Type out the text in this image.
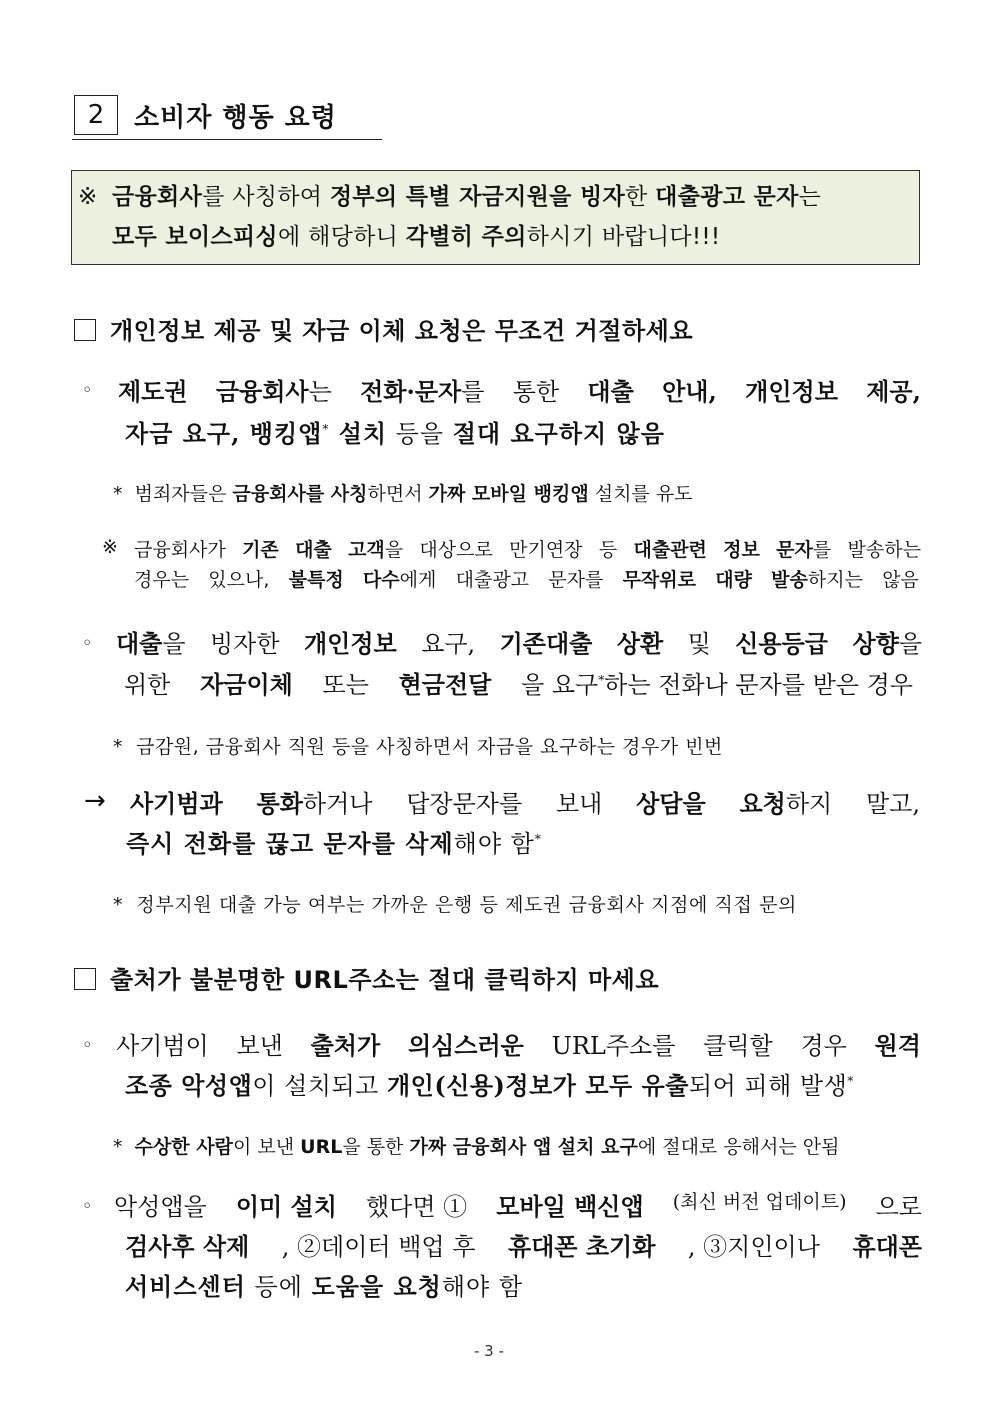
2	소비자 행동 요령
※ 금융회사를 사칭하여 정부의 특별 자금지원을 빙자한 대출광고 문자는
모두 보이스피싱에 해당하니 각별히 주의하시기 바랍니다!!!
개인정보 제공 및 자금 이체 요청은 무조건 거절하세요
◦ 제도권 금융회사는 전화·문자를 통한 대출 안내, 개인정보 제공,
자금 요구, 뱅킹앱* 설치 등을 절대 요구하지 않음
* 범죄자들은 금융회사를 사칭하면서 가짜 모바일 뱅킹앱 설치를 유도
※ 금융회사가 기존 대출 고객을 대상으로 만기연장 등 대출관련 정보 문자를 발송하는
경우는 있으나, 불특정 다수에게 대출광고 문자를 무작위로 대량 발송하지는 않음
◦ 대출을 빙자한 개인정보 요구, 기존대출 상환 및 신용등급 상향을
위한 자금이체 또는 현금전달 을 요구*하는 전화나 문자를 받은 경우
* 금감원, 금융회사 직원 등을 사칭하면서 자금을 요구하는 경우가 빈번
→ 사기범과 통화하거나 답장문자를 보내 상담을 요청하지 말고,
즉시 전화를 끊고 문자를 삭제해야 함*
* 정부지원 대출 가능 여부는 가까운 은행 등 제도권 금융회사 지점에 직접 문의
출처가 불분명한 URL주소는 절대 클릭하지 마세요
◦ 사기범이 보낸 출처가 의심스러운 URL주소를 클릭할 경우 원격
조종 악성앱이 설치되고 개인(신용)정보가 모두 유출되어 피해 발생*
* 수상한 사람이 보낸 URL을 통한 가짜 금융회사 앱 설치 요구에 절대로 응해서는 안됨
◦ 악성앱을 이미 설치 했다면 ① 모바일 백신앱 (최신 버전 업데이트) 으로
검사후 삭제 , ②데이터 백업 후 휴대폰 초기화 , ③지인이나 휴대폰
서비스센터 등에 도움을 요청해야 함
- 3 -
